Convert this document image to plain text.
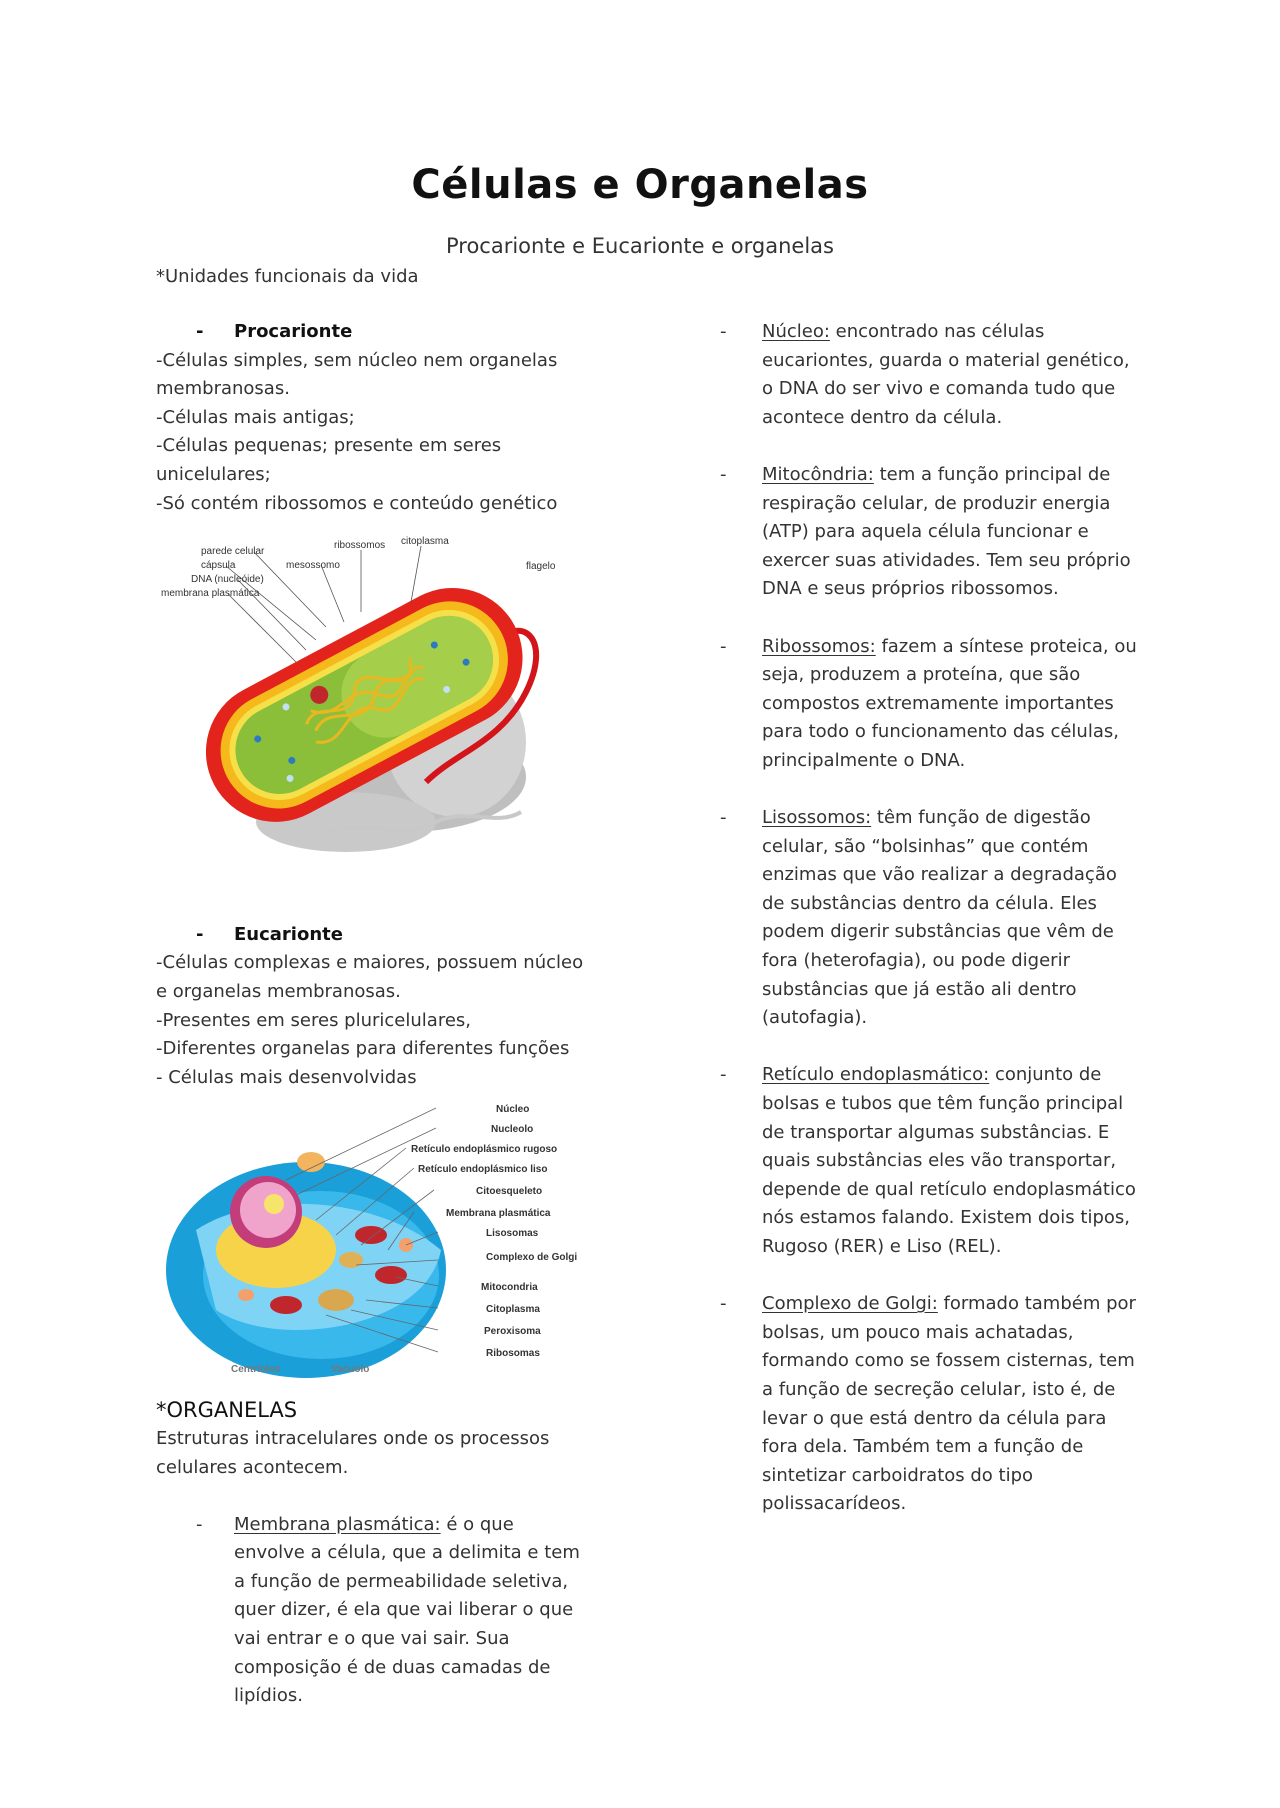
Células e Organelas
Procarionte e Eucarionte e organelas
*Unidades funcionais da vida

- Procarionte

-Células simples, sem núcleo nem organelas membranosas.

-Células mais antigas;

-Células pequenas; presente em seres unicelulares;

-Só contém ribossomos e conteúdo genético

parede celular
cápsula
DNA (nucleóide)
membrana plasmática
ribossomos
mesossomo
citoplasma
flagelo

- Eucarionte

-Células complexas e maiores, possuem núcleo e organelas membranosas.

-Presentes em seres pluricelulares,

-Diferentes organelas para diferentes funções

- Células mais desenvolvidas

Núcleo
Nucleolo
Retículo endoplásmico rugoso
Retículo endoplásmico liso
Citoesqueleto
Membrana plasmática
Lisosomas
Complexo de Golgi
Mitocondria
Citoplasma
Peroxisoma
Ribosomas
Centríolos	Vacuolo

*ORGANELAS

Estruturas intracelulares onde os processos celulares acontecem.

- Membrana plasmática: é o que envolve a célula, que a delimita e tem a função de permeabilidade seletiva, quer dizer, é ela que vai liberar o que vai entrar e o que vai sair. Sua composição é de duas camadas de lipídios.

- Núcleo: encontrado nas células eucariontes, guarda o material genético, o DNA do ser vivo e comanda tudo que acontece dentro da célula.

- Mitocôndria: tem a função principal de respiração celular, de produzir energia (ATP) para aquela célula funcionar e exercer suas atividades. Tem seu próprio DNA e seus próprios ribossomos.

- Ribossomos: fazem a síntese proteica, ou seja, produzem a proteína, que são compostos extremamente importantes para todo o funcionamento das células, principalmente o DNA.

- Lisossomos: têm função de digestão celular, são “bolsinhas” que contém enzimas que vão realizar a degradação de substâncias dentro da célula. Eles podem digerir substâncias que vêm de fora (heterofagia), ou pode digerir substâncias que já estão ali dentro (autofagia).

- Retículo endoplasmático: conjunto de bolsas e tubos que têm função principal de transportar algumas substâncias. E quais substâncias eles vão transportar, depende de qual retículo endoplasmático nós estamos falando. Existem dois tipos, Rugoso (RER) e Liso (REL).

- Complexo de Golgi: formado também por bolsas, um pouco mais achatadas, formando como se fossem cisternas, tem a função de secreção celular, isto é, de levar o que está dentro da célula para fora dela. Também tem a função de sintetizar carboidratos do tipo polissacarídeos.
